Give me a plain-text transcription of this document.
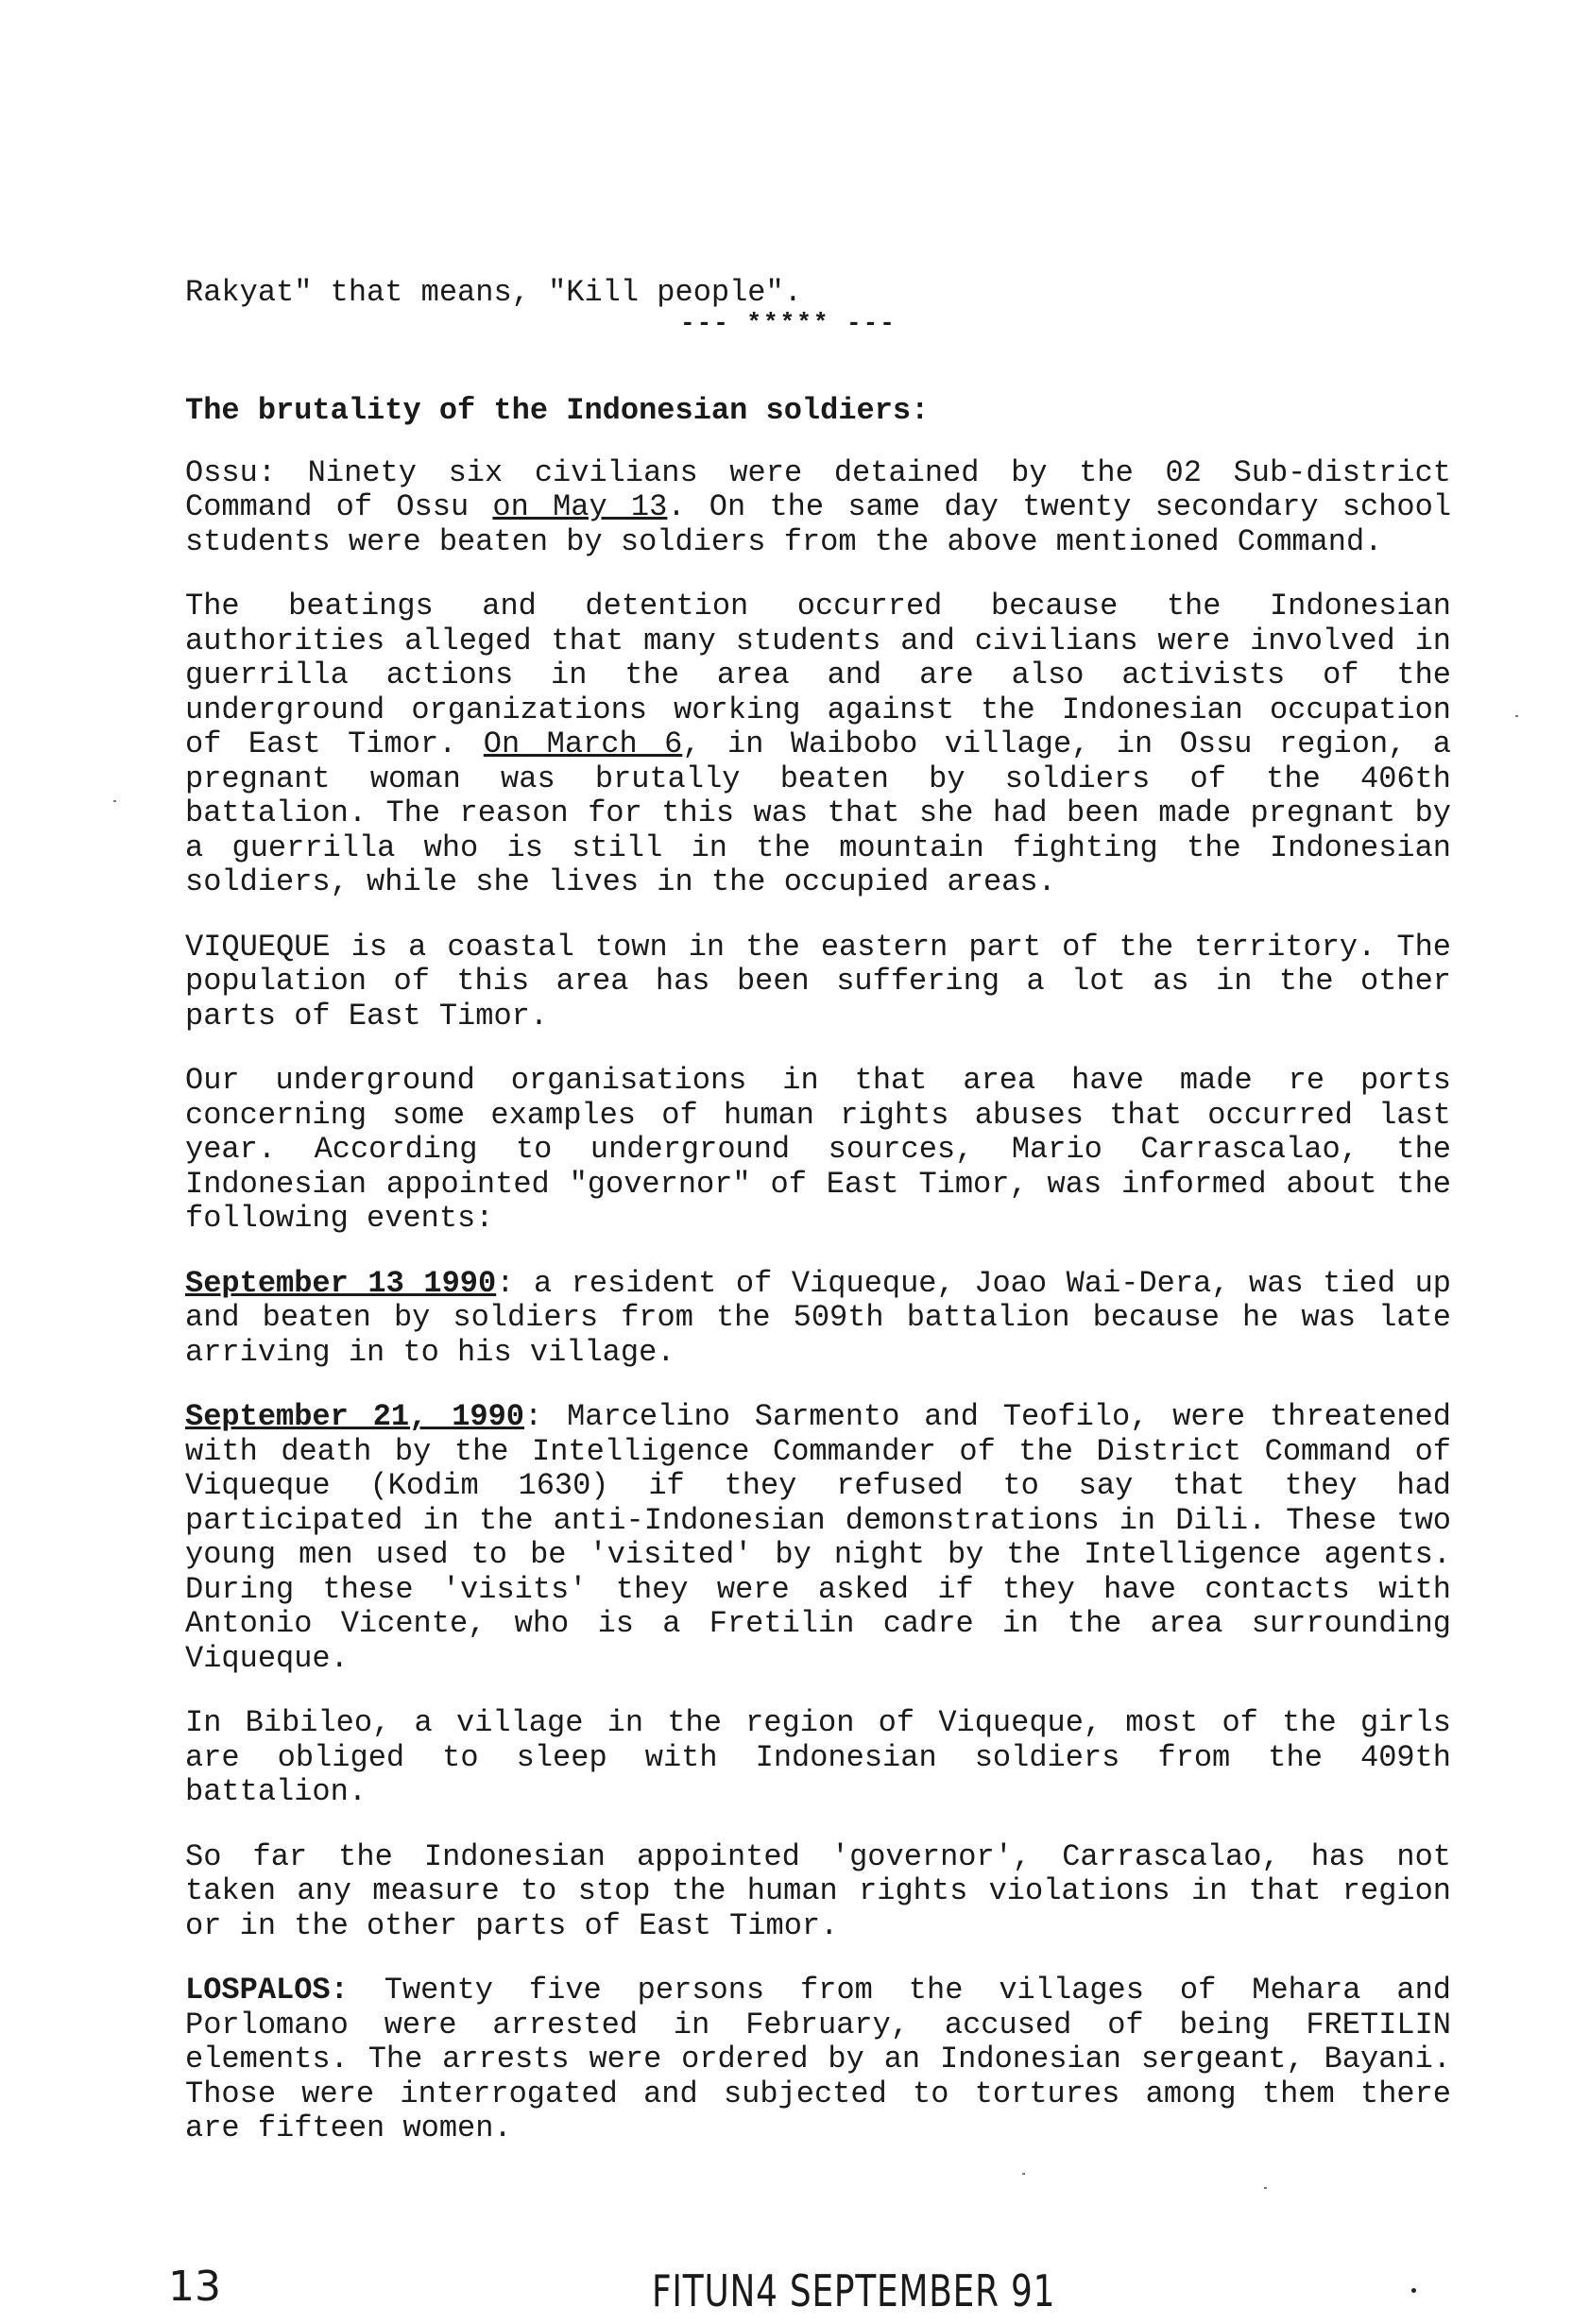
Rakyat" that means, "Kill people".

--- ***** ---
The brutality of the Indonesian soldiers:

Ossu: Ninety six civilians were detained by the 02 Sub-district Command of Ossu on May 13. On the same day twenty secondary school students were beaten by soldiers from the above mentioned Command.

The beatings and detention occurred because the Indonesian authorities alleged that many students and civilians were involved in guerrilla actions in the area and are also activists of the underground organizations working against the Indonesian occupation of East Timor. On March 6, in Waibobo village, in Ossu region, a pregnant woman was brutally beaten by soldiers of the 406th battalion. The reason for this was that she had been made pregnant by a guerrilla who is still in the mountain fighting the Indonesian soldiers, while she lives in the occupied areas.

VIQUEQUE is a coastal town in the eastern part of the territory. The population of this area has been suffering a lot as in the other parts of East Timor.

Our underground organisations in that area have made re ports concerning some examples of human rights abuses that occurred last year. According to underground sources, Mario Carrascalao, the Indonesian appointed "governor" of East Timor, was informed about the following events:

September 13 1990: a resident of Viqueque, Joao Wai-Dera, was tied up and beaten by soldiers from the 509th battalion because he was late arriving in to his village.

September 21, 1990: Marcelino Sarmento and Teofilo, were threatened with death by the Intelligence Commander of the District Command of Viqueque (Kodim 1630) if they refused to say that they had participated in the anti-Indonesian demonstrations in Dili. These two young men used to be 'visited' by night by the Intelligence agents. During these 'visits' they were asked if they have contacts with Antonio Vicente, who is a Fretilin cadre in the area surrounding Viqueque.

In Bibileo, a village in the region of Viqueque, most of the girls are obliged to sleep with Indonesian soldiers from the 409th battalion.

So far the Indonesian appointed 'governor', Carrascalao, has not taken any measure to stop the human rights violations in that region or in the other parts of East Timor.

LOSPALOS: Twenty five persons from the villages of Mehara and Porlomano were arrested in February, accused of being FRETILIN elements. The arrests were ordered by an Indonesian sergeant, Bayani. Those were interrogated and subjected to tortures among them there are fifteen women.

13	FITUN4 SEPTEMBER 91
